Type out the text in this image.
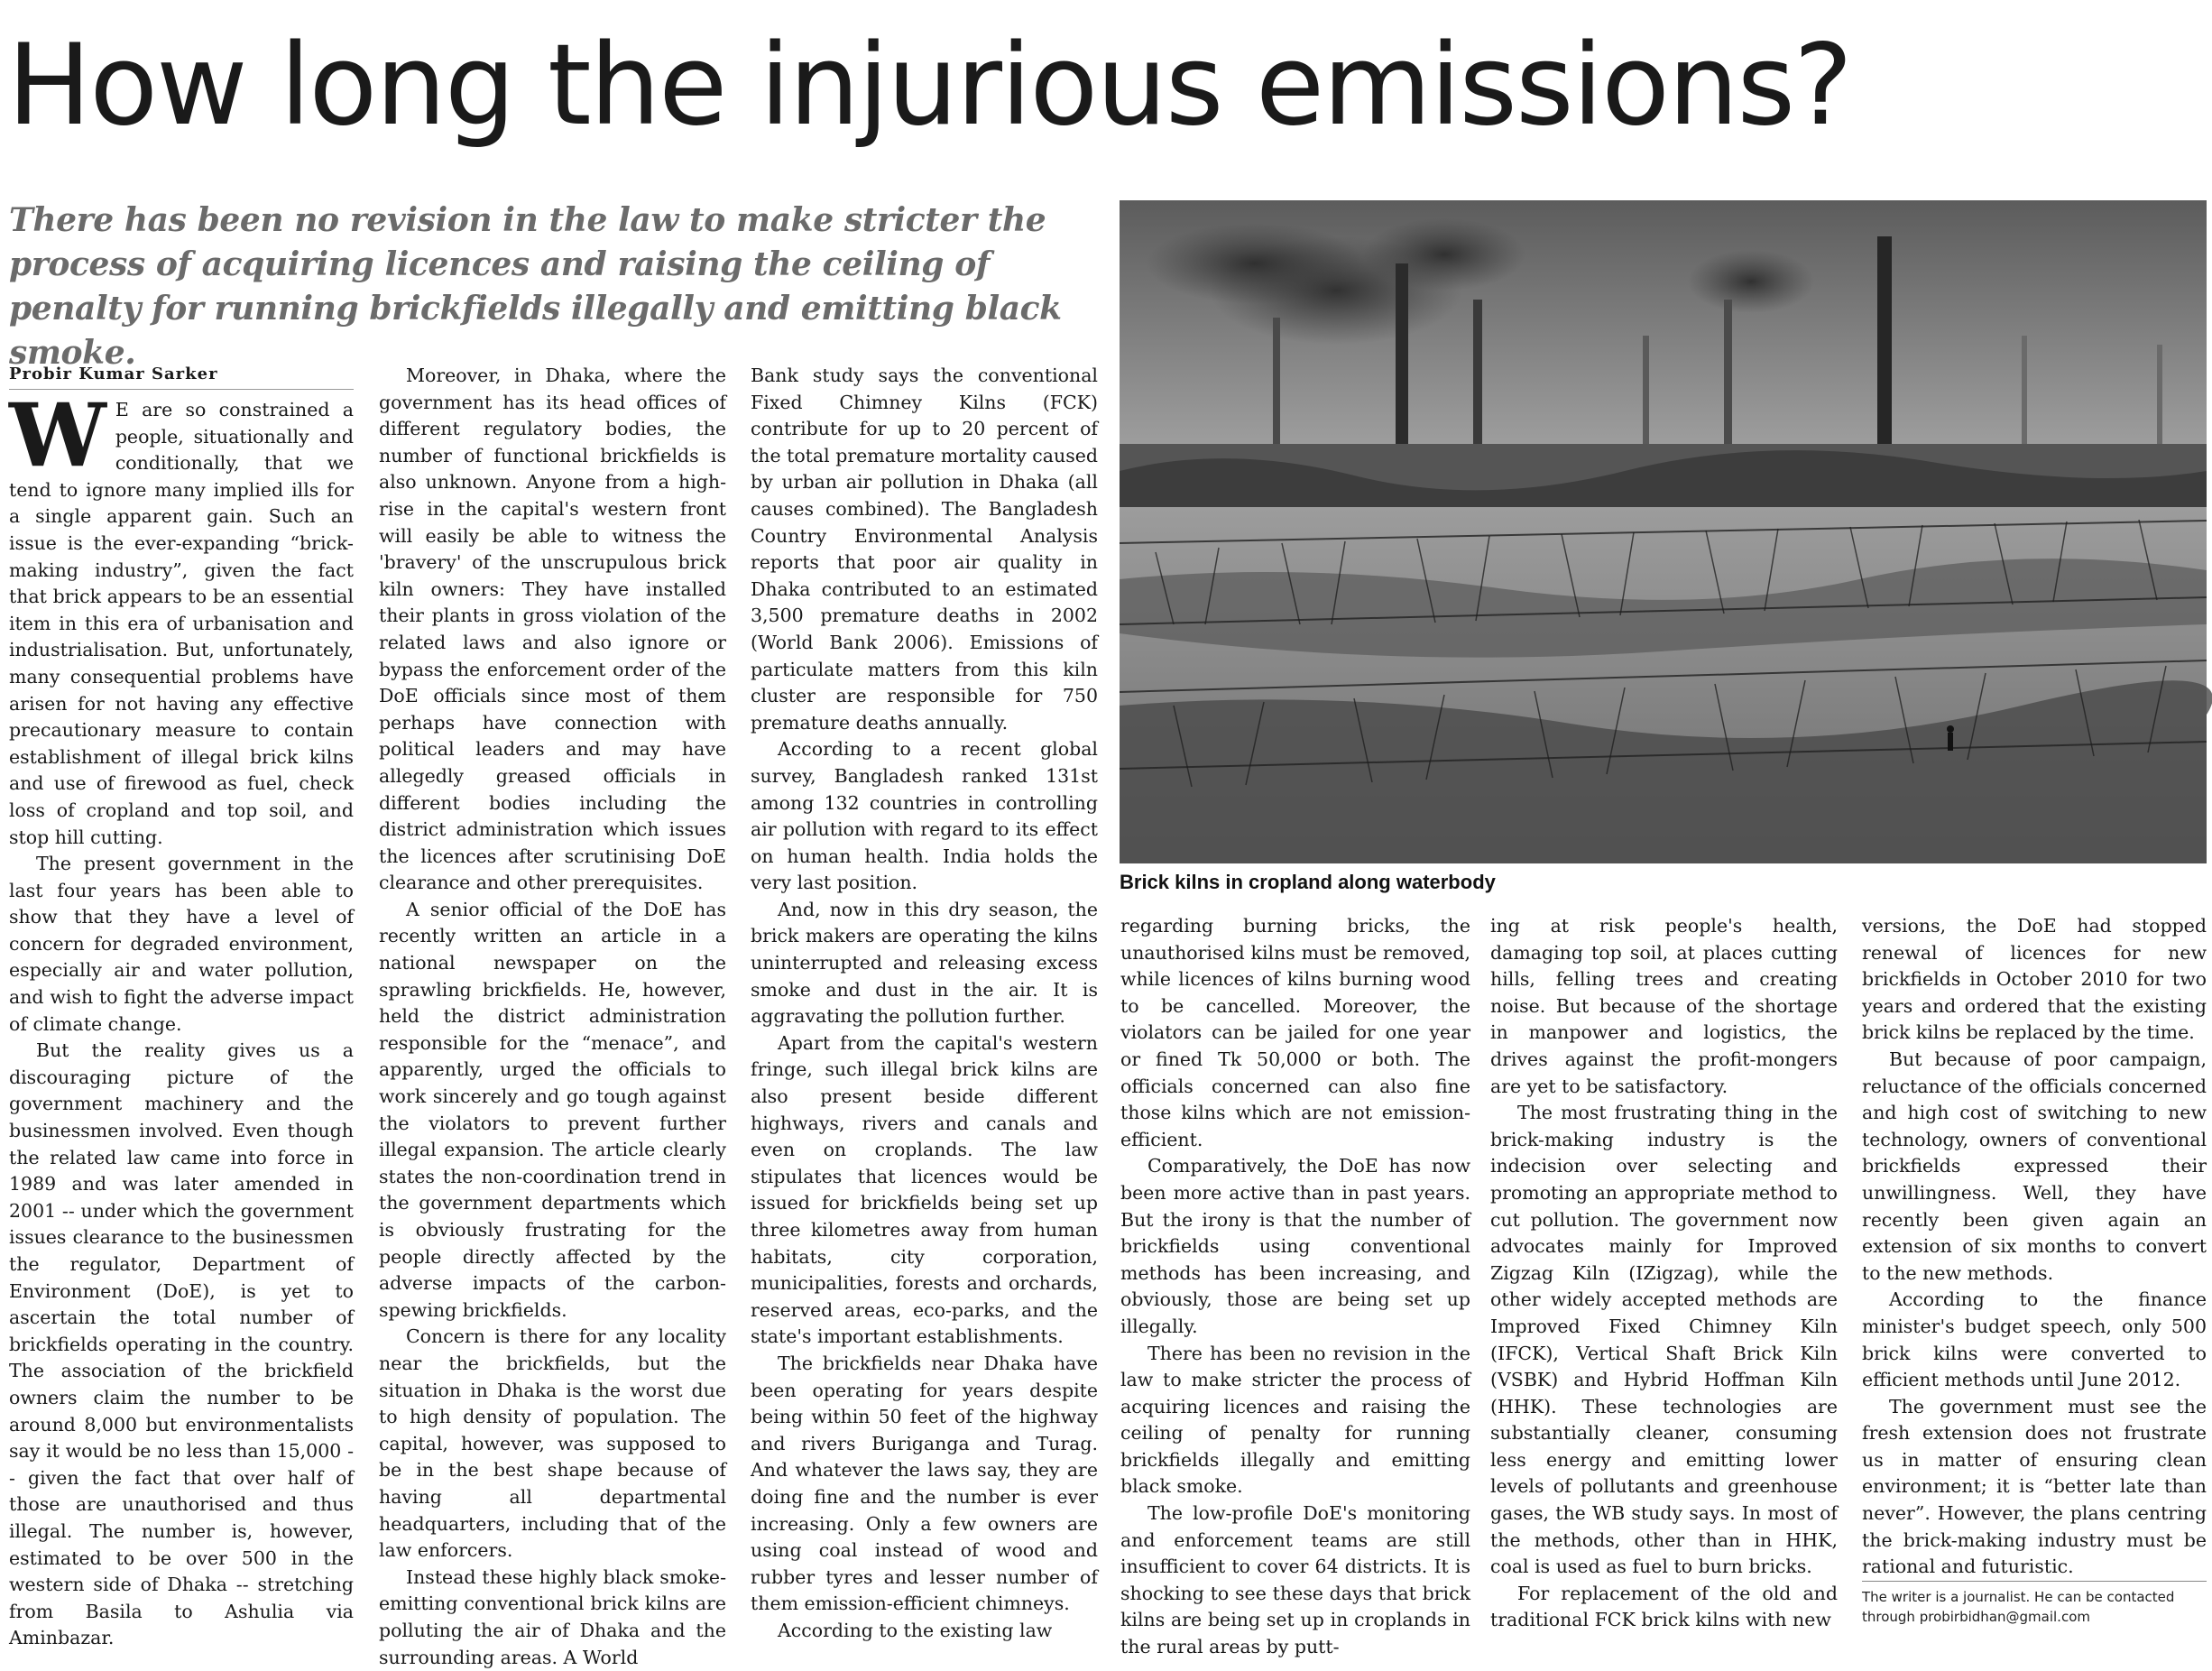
How long the injurious emissions?
There has been no revision in the law to make stricter the process of acquiring licences and raising the ceiling of penalty for running brickfields illegally and emitting black smoke.
Brick kilns in cropland along waterbody
Probir Kumar Sarker

W E are so constrained a people, situationally and conditionally, that we tend to ignore many implied ills for a single apparent gain. Such an issue is the ever-expanding “brick-making industry”, given the fact that brick appears to be an essential item in this era of urbanisation and industrialisation. But, unfortunately, many consequential problems have arisen for not having any effective precautionary measure to contain establishment of illegal brick kilns and use of firewood as fuel, check loss of cropland and top soil, and stop hill cutting.

The present government in the last four years has been able to show that they have a level of concern for degraded environment, especially air and water pollution, and wish to fight the adverse impact of climate change.

But the reality gives us a discouraging picture of the government machinery and the businessmen involved. Even though the related law came into force in 1989 and was later amended in 2001 -- under which the government issues clearance to the businessmen the regulator, Department of Environment (DoE), is yet to ascertain the total number of brickfields operating in the country. The association of the brickfield owners claim the number to be around 8,000 but environmentalists say it would be no less than 15,000 -- given the fact that over half of those are unauthorised and thus illegal. The number is, however, estimated to be over 500 in the western side of Dhaka -- stretching from Basila to Ashulia via Aminbazar.

Moreover, in Dhaka, where the government has its head offices of different regulatory bodies, the number of functional brickfields is also unknown. Anyone from a high-rise in the capital's western front will easily be able to witness the 'bravery' of the unscrupulous brick kiln owners: They have installed their plants in gross violation of the related laws and also ignore or bypass the enforcement order of the DoE officials since most of them perhaps have connection with political leaders and may have allegedly greased officials in different bodies including the district administration which issues the licences after scrutinising DoE clearance and other prerequisites.

A senior official of the DoE has recently written an article in a national newspaper on the sprawling brickfields. He, however, held the district administration responsible for the “menace”, and apparently, urged the officials to work sincerely and go tough against the violators to prevent further illegal expansion. The article clearly states the non-coordination trend in the government departments which is obviously frustrating for the people directly affected by the adverse impacts of the carbon-spewing brickfields.

Concern is there for any locality near the brickfields, but the situation in Dhaka is the worst due to high density of population. The capital, however, was supposed to be in the best shape because of having all departmental headquarters, including that of the law enforcers.

Instead these highly black smoke-emitting conventional brick kilns are polluting the air of Dhaka and the surrounding areas. A World

Bank study says the conventional Fixed Chimney Kilns (FCK) contribute for up to 20 percent of the total premature mortality caused by urban air pollution in Dhaka (all causes combined). The Bangladesh Country Environmental Analysis reports that poor air quality in Dhaka contributed to an estimated 3,500 premature deaths in 2002 (World Bank 2006). Emissions of particulate matters from this kiln cluster are responsible for 750 premature deaths annually.

According to a recent global survey, Bangladesh ranked 131st among 132 countries in controlling air pollution with regard to its effect on human health. India holds the very last position.

And, now in this dry season, the brick makers are operating the kilns uninterrupted and releasing excess smoke and dust in the air. It is aggravating the pollution further.

Apart from the capital's western fringe, such illegal brick kilns are also present beside different highways, rivers and canals and even on croplands. The law stipulates that licences would be issued for brickfields being set up three kilometres away from human habitats, city corporation, municipalities, forests and orchards, reserved areas, eco-parks, and the state's important establishments.

The brickfields near Dhaka have been operating for years despite being within 50 feet of the highway and rivers Buriganga and Turag. And whatever the laws say, they are doing fine and the number is ever increasing. Only a few owners are using coal instead of wood and rubber tyres and lesser number of them emission-efficient chimneys.

According to the existing law

regarding burning bricks, the unauthorised kilns must be removed, while licences of kilns burning wood to be cancelled. Moreover, the violators can be jailed for one year or fined Tk 50,000 or both. The officials concerned can also fine those kilns which are not emission-efficient.

Comparatively, the DoE has now been more active than in past years. But the irony is that the number of brickfields using conventional methods has been increasing, and obviously, those are being set up illegally.

There has been no revision in the law to make stricter the process of acquiring licences and raising the ceiling of penalty for running brickfields illegally and emitting black smoke.

The low-profile DoE's monitoring and enforcement teams are still insufficient to cover 64 districts. It is shocking to see these days that brick kilns are being set up in croplands in the rural areas by putt-

ing at risk people's health, damaging top soil, at places cutting hills, felling trees and creating noise. But because of the shortage in manpower and logistics, the drives against the profit-mongers are yet to be satisfactory.

The most frustrating thing in the brick-making industry is the indecision over selecting and promoting an appropriate method to cut pollution. The government now advocates mainly for Improved Zigzag Kiln (IZigzag), while the other widely accepted methods are Improved Fixed Chimney Kiln (IFCK), Vertical Shaft Brick Kiln (VSBK) and Hybrid Hoffman Kiln (HHK). These technologies are substantially cleaner, consuming less energy and emitting lower levels of pollutants and greenhouse gases, the WB study says. In most of the methods, other than in HHK, coal is used as fuel to burn bricks.

For replacement of the old and traditional FCK brick kilns with new

versions, the DoE had stopped renewal of licences for new brickfields in October 2010 for two years and ordered that the existing brick kilns be replaced by the time.

But because of poor campaign, reluctance of the officials concerned and high cost of switching to new technology, owners of conventional brickfields expressed their unwillingness. Well, they have recently been given again an extension of six months to convert to the new methods.

According to the finance minister's budget speech, only 500 brick kilns were converted to efficient methods until June 2012.

The government must see the fresh extension does not frustrate us in matter of ensuring clean environment; it is “better late than never”. However, the plans centring the brick-making industry must be rational and futuristic.

The writer is a journalist. He can be contacted through probirbidhan@gmail.com
